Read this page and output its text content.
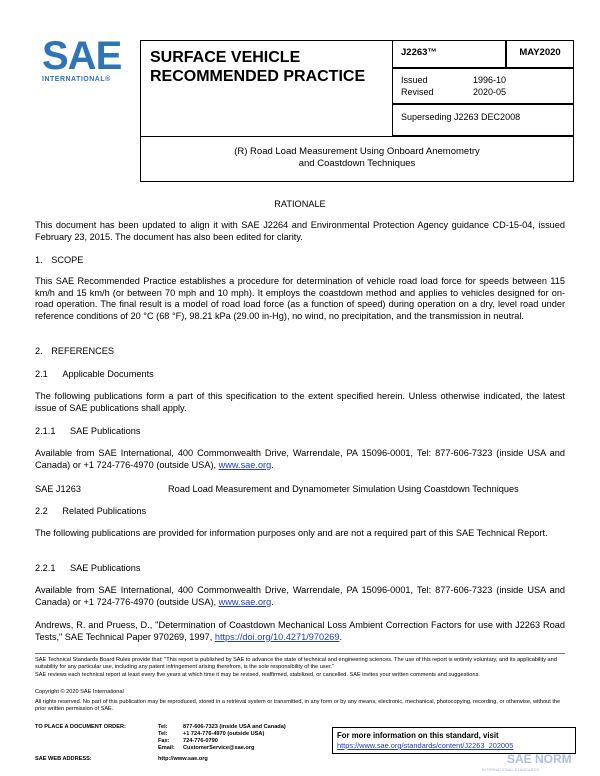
SAE
INTERNATIONAL®
SURFACE VEHICLE
RECOMMENDED PRACTICE
J2263™	MAY2020
Issued	1996-10
Revised	2020-05
Superseding J2263 DEC2008
(R) Road Load Measurement Using Onboard Anemometry
and Coastdown Techniques
RATIONALE
This document has been updated to align it with SAE J2264 and Environmental Protection Agency guidance CD-15-04, issued February 23, 2015. The document has also been edited for clarity.
1. SCOPE
This SAE Recommended Practice establishes a procedure for determination of vehicle road load force for speeds between 115 km/h and 15 km/h (or between 70 mph and 10 mph). It employs the coastdown method and applies to vehicles designed for on-road operation. The final result is a model of road load force (as a function of speed) during operation on a dry, level road under reference conditions of 20 °C (68 °F), 98.21 kPa (29.00 in-Hg), no wind, no precipitation, and the transmission in neutral.
2. REFERENCES
2.1 Applicable Documents
The following publications form a part of this specification to the extent specified herein. Unless otherwise indicated, the latest issue of SAE publications shall apply.
2.1.1 SAE Publications
Available from SAE International, 400 Commonwealth Drive, Warrendale, PA 15096-0001, Tel: 877-606-7323 (inside USA and Canada) or +1 724-776-4970 (outside USA), www.sae.org.
SAE J1263	Road Load Measurement and Dynamometer Simulation Using Coastdown Techniques
2.2 Related Publications
The following publications are provided for information purposes only and are not a required part of this SAE Technical Report.
2.2.1 SAE Publications
Available from SAE International, 400 Commonwealth Drive, Warrendale, PA 15096-0001, Tel: 877-606-7323 (inside USA and Canada) or +1 724-776-4970 (outside USA), www.sae.org.
Andrews, R. and Pruess, D., "Determination of Coastdown Mechanical Loss Ambient Correction Factors for use with J2263 Road Tests," SAE Technical Paper 970269, 1997, https://doi.org/10.4271/970269.
SAE Technical Standards Board Rules provide that: "This report is published by SAE to advance the state of technical and engineering sciences. The use of this report is entirely voluntary, and its applicability and suitability for any particular use, including any patent infringement arising therefrom, is the sole responsibility of the user."
SAE reviews each technical report at least every five years at which time it may be revised, reaffirmed, stabilized, or cancelled. SAE invites your written comments and suggestions.
Copyright © 2020 SAE International
All rights reserved. No part of this publication may be reproduced, stored in a retrieval system or transmitted, in any form or by any means, electronic, mechanical, photocopying, recording, or otherwise, without the prior written permission of SAE.
TO PLACE A DOCUMENT ORDER:	Tel:	877-606-7323 (inside USA and Canada)
Tel:	+1 724-776-4970 (outside USA)
Fax: 724-776-0790
Email: CustomerService@sae.org
SAE WEB ADDRESS:	http://www.sae.org
For more information on this standard, visit
https://www.sae.org/standards/content/J2263_202005
SAE NORM
INTERNATIONAL STANDARDS
